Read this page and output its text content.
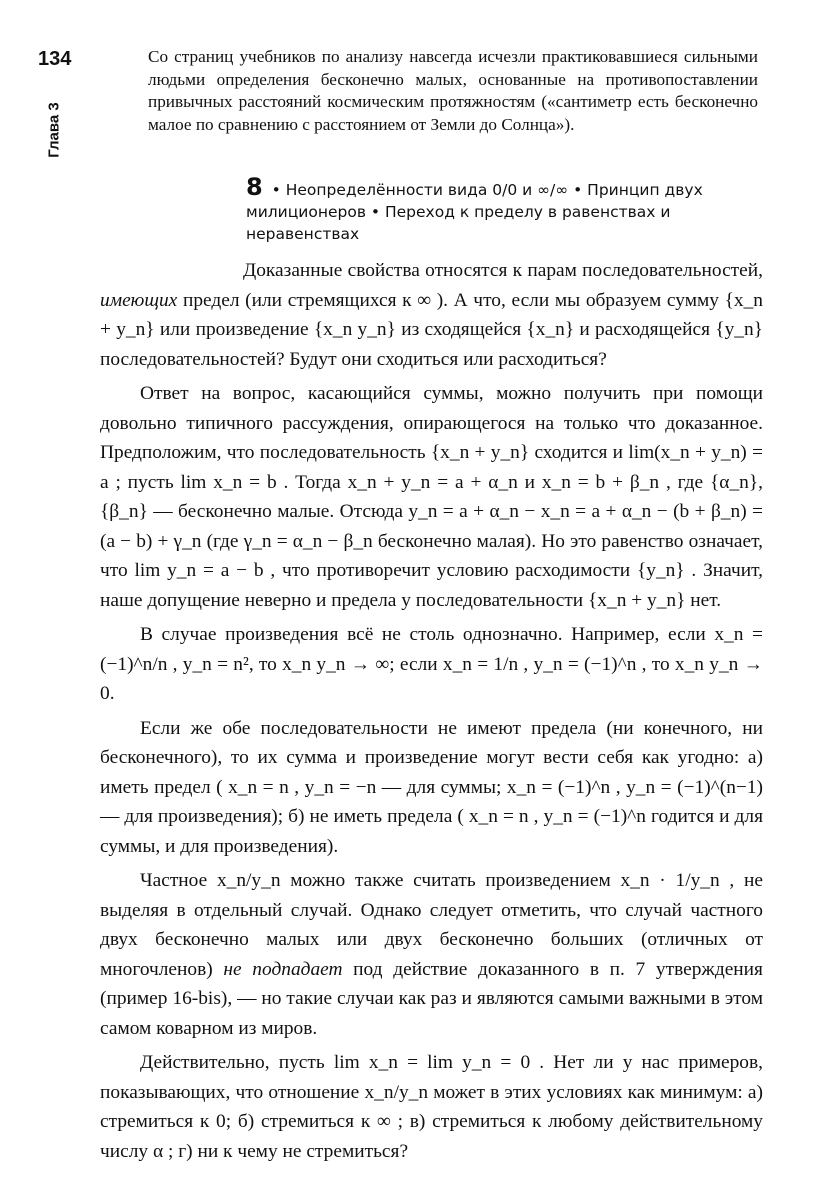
134
Глава 3
Со страниц учебников по анализу навсегда исчезли практиковавшиеся сильными людьми определения бесконечно малых, основанные на противопоставлении привычных расстояний космическим протяжностям («сантиметр есть бесконечно малое по сравнению с расстоянием от Земли до Солнца»).
8 • Неопределённости вида 0/0 и ∞/∞ • Принцип двух милиционеров • Переход к пределу в равенствах и неравенствах

Доказанные свойства относятся к парам последовательностей, имеющих предел (или стремящихся к ∞ ). А что, если мы образуем сумму {x_n + y_n} или произведение {x_n y_n} из сходящейся {x_n} и расходящейся {y_n} последовательностей? Будут они сходиться или расходиться?

Ответ на вопрос, касающийся суммы, можно получить при помощи довольно типичного рассуждения, опирающегося на только что доказанное. Предположим, что последовательность {x_n + y_n} сходится и lim(x_n + y_n) = a ; пусть lim x_n = b . Тогда x_n + y_n = a + α_n и x_n = b + β_n , где {α_n}, {β_n} — бесконечно малые. Отсюда y_n = a + α_n − x_n = a + α_n − (b + β_n) = (a − b) + γ_n (где γ_n = α_n − β_n бесконечно малая). Но это равенство означает, что lim y_n = a − b , что противоречит условию расходимости {y_n} . Значит, наше допущение неверно и предела у последовательности {x_n + y_n} нет.

В случае произведения всё не столь однозначно. Например, если x_n = (−1)^n/n , y_n = n², то x_n y_n → ∞; если x_n = 1/n , y_n = (−1)^n , то x_n y_n → 0.

Если же обе последовательности не имеют предела (ни конечного, ни бесконечного), то их сумма и произведение могут вести себя как угодно: а) иметь предел ( x_n = n , y_n = −n — для суммы; x_n = (−1)^n , y_n = (−1)^(n−1) — для произведения); б) не иметь предела ( x_n = n , y_n = (−1)^n годится и для суммы, и для произведения).

Частное x_n/y_n можно также считать произведением x_n · 1/y_n , не выделяя в отдельный случай. Однако следует отметить, что случай частного двух бесконечно малых или двух бесконечно больших (отличных от многочленов) не подпадает под действие доказанного в п. 7 утверждения (пример 16-bis), — но такие случаи как раз и являются самыми важными в этом самом коварном из миров.

Действительно, пусть lim x_n = lim y_n = 0 . Нет ли у нас примеров, показывающих, что отношение x_n/y_n может в этих условиях как минимум: а) стремиться к 0; б) стремиться к ∞ ; в) стремиться к любому действительному числу α ; г) ни к чему не стремиться?
